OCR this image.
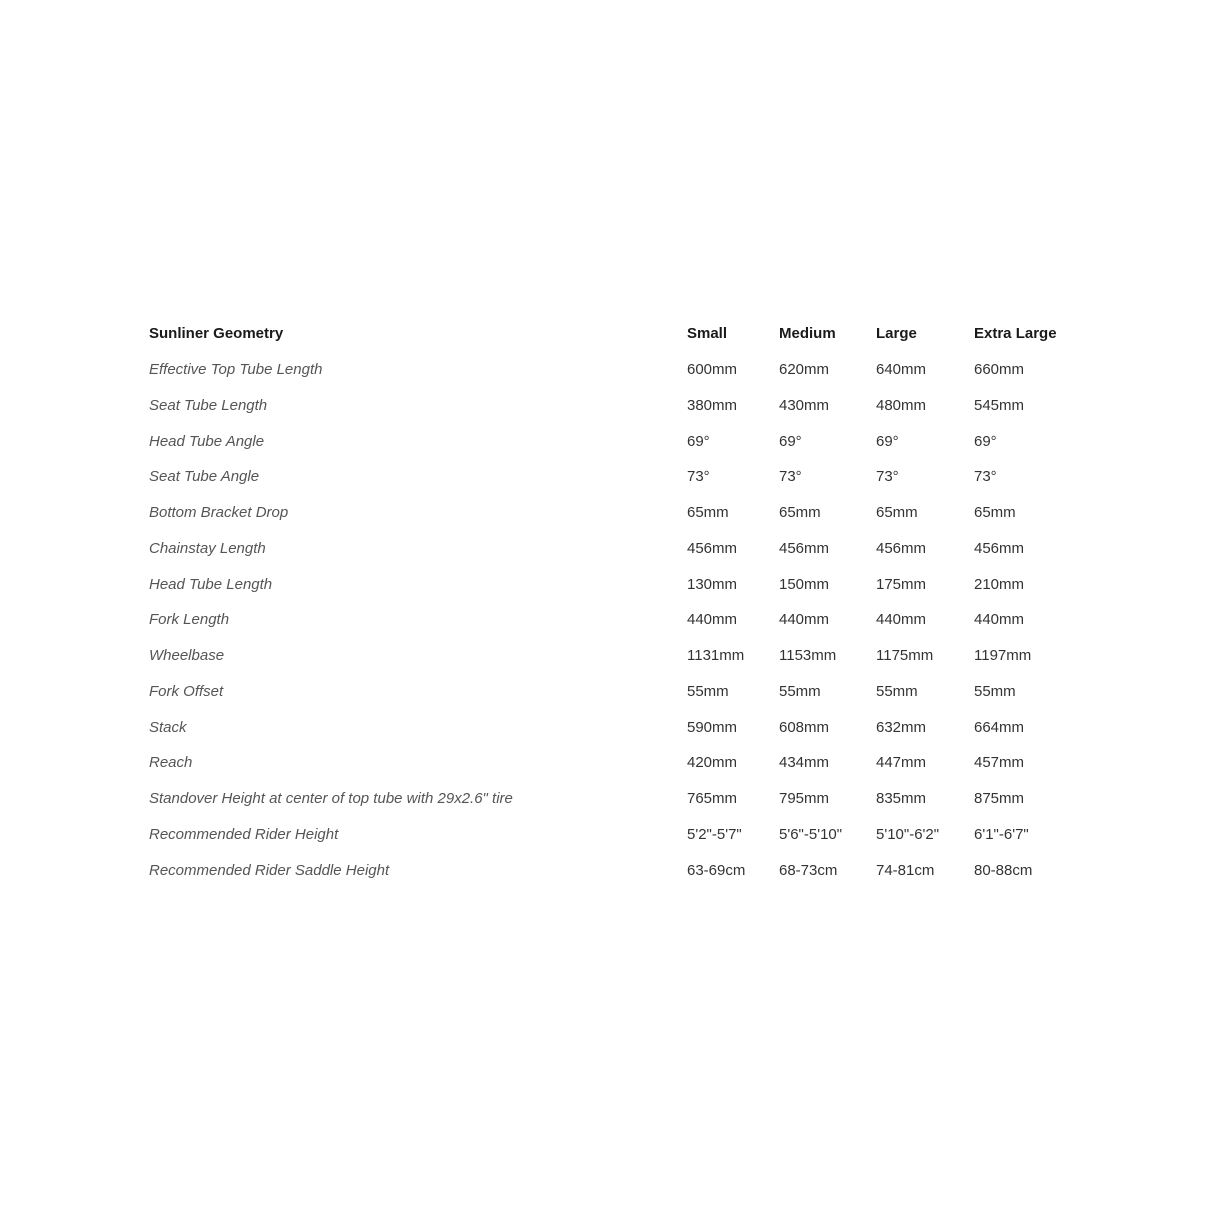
Sunliner Geometry	Small	Medium	Large	Extra Large
Effective Top Tube Length	600mm	620mm	640mm	660mm
Seat Tube Length	380mm	430mm	480mm	545mm
Head Tube Angle	69°	69°	69°	69°
Seat Tube Angle	73°	73°	73°	73°
Bottom Bracket Drop	65mm	65mm	65mm	65mm
Chainstay Length	456mm	456mm	456mm	456mm
Head Tube Length	130mm	150mm	175mm	210mm
Fork Length	440mm	440mm	440mm	440mm
Wheelbase	1131mm	1153mm	1175mm	1197mm
Fork Offset	55mm	55mm	55mm	55mm
Stack	590mm	608mm	632mm	664mm
Reach	420mm	434mm	447mm	457mm
Standover Height at center of top tube with 29x2.6" tire	765mm	795mm	835mm	875mm
Recommended Rider Height	5'2"-5'7"	5'6"-5'10"	5'10"-6'2"	6'1"-6'7"
Recommended Rider Saddle Height	63-69cm	68-73cm	74-81cm	80-88cm
